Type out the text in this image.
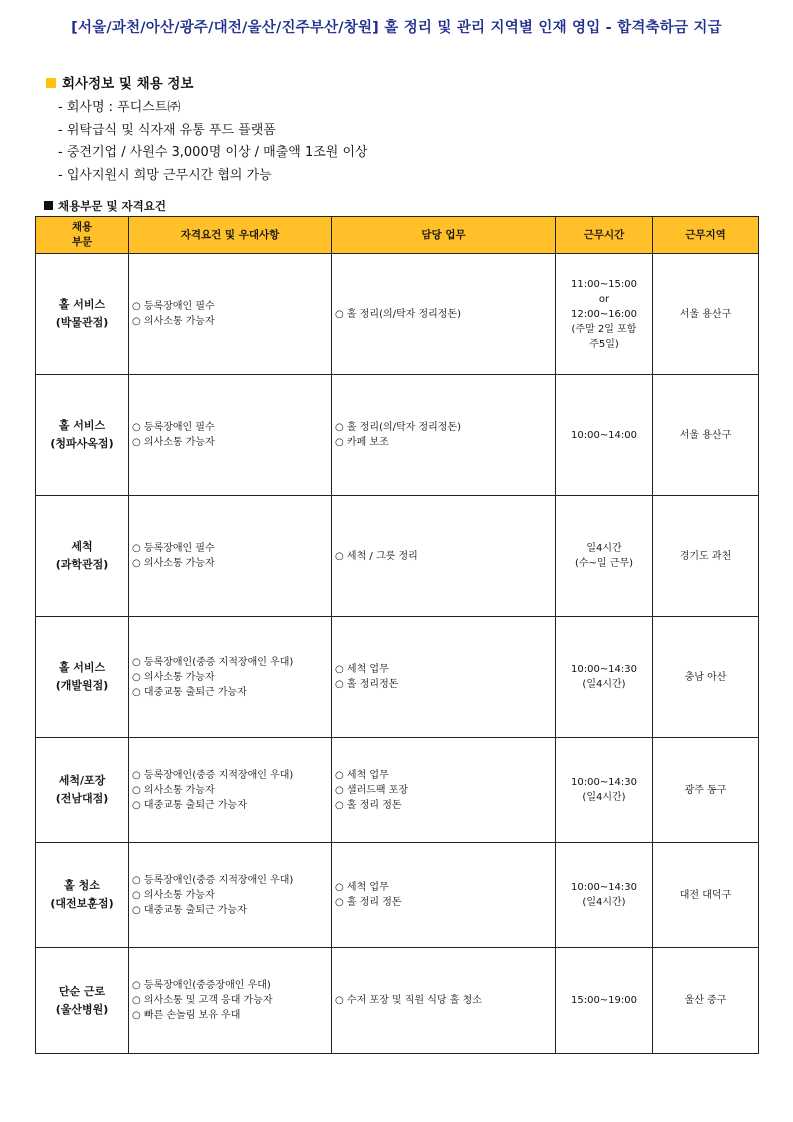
[서울/과천/아산/광주/대전/울산/진주부산/창원] 홀 정리 및 관리 지역별 인재 영입 - 합격축하금 지급
회사정보 및 채용 정보
- 회사명 : 푸디스트㈜
- 위탁급식 및 식자재 유통 푸드 플랫폼
- 중견기업 / 사원수 3,000명 이상 / 매출액 1조원 이상
- 입사지원시 희망 근무시간 협의 가능
채용부문 및 자격요건
채용
부문	자격요건 및 우대사항	담당 업무	근무시간	근무지역

홀 서비스
(박물관점)	○ 등록장애인 필수
○ 의사소통 가능자	○ 홀 정리(의/탁자 정리정돈)	11:00~15:00
or
12:00~16:00
(주말 2일 포함
주5일)	서울 용산구

홀 서비스
(청파사옥점)	○ 등록장애인 필수
○ 의사소통 가능자	○ 홀 정리(의/탁자 정리정돈)
○ 카페 보조	10:00~14:00	서울 용산구

세척
(과학관점)	○ 등록장애인 필수
○ 의사소통 가능자	○ 세척 / 그릇 정리	일4시간
(수~일 근무)	경기도 과천

홀 서비스
(개발원점)	○ 등록장애인(중증 지적장애인 우대)
○ 의사소통 가능자
○ 대중교통 출퇴근 가능자	○ 세척 업무
○ 홀 정리정돈	10:00~14:30
(일4시간)	충남 아산

세척/포장
(전남대점)	○ 등록장애인(중증 지적장애인 우대)
○ 의사소통 가능자
○ 대중교통 출퇴근 가능자	○ 세척 업무
○ 샐러드팩 포장
○ 홀 정리 정돈	10:00~14:30
(일4시간)	광주 동구

홀 청소
(대전보훈점)	○ 등록장애인(중증 지적장애인 우대)
○ 의사소통 가능자
○ 대중교통 출퇴근 가능자	○ 세척 업무
○ 홀 정리 정돈	10:00~14:30
(일4시간)	대전 대덕구

단순 근로
(울산병원)	○ 등록장애인(중증장애인 우대)
○ 의사소통 및 고객 응대 가능자
○ 빠른 손놀림 보유 우대	○ 수저 포장 및 직원 식당 홀 청소	15:00~19:00	울산 중구
